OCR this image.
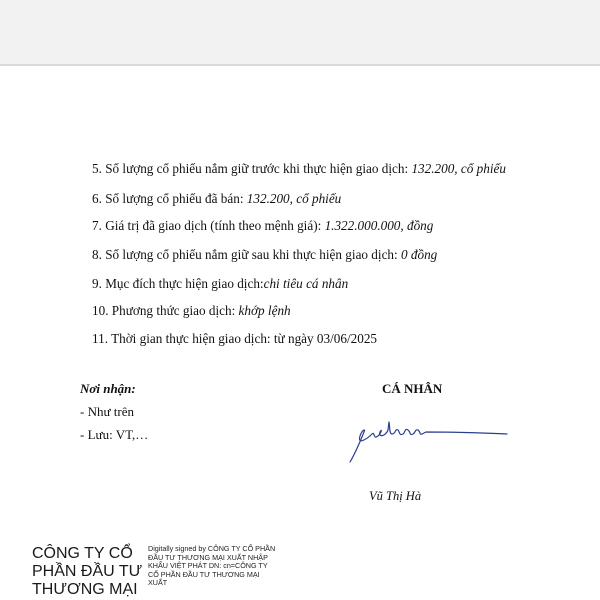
5. Số lượng cổ phiếu nắm giữ trước khi thực hiện giao dịch: 132.200, cổ phiếu
6. Số lượng cổ phiếu đã bán: 132.200, cổ phiếu
7. Giá trị đã giao dịch (tính theo mệnh giá): 1.322.000.000, đồng
8. Số lượng cổ phiếu nắm giữ sau khi thực hiện giao dịch: 0 đồng
9. Mục đích thực hiện giao dịch:chi tiêu cá nhân
10. Phương thức giao dịch: khớp lệnh
11. Thời gian thực hiện giao dịch: từ ngày 03/06/2025
Nơi nhận:
- Như trên
- Lưu: VT,…
CÁ NHÂN
Vũ Thị Hà
CÔNG TY CỔ PHẦN ĐẦU TƯ THƯƠNG MẠI
Digitally signed by CÔNG TY CỔ PHẦN ĐẦU TƯ THƯƠNG MẠI XUẤT NHẬP KHẨU VIỆT PHÁT DN: cn=CÔNG TY CỔ PHẦN ĐẦU TƯ THƯƠNG MẠI XUẤT
